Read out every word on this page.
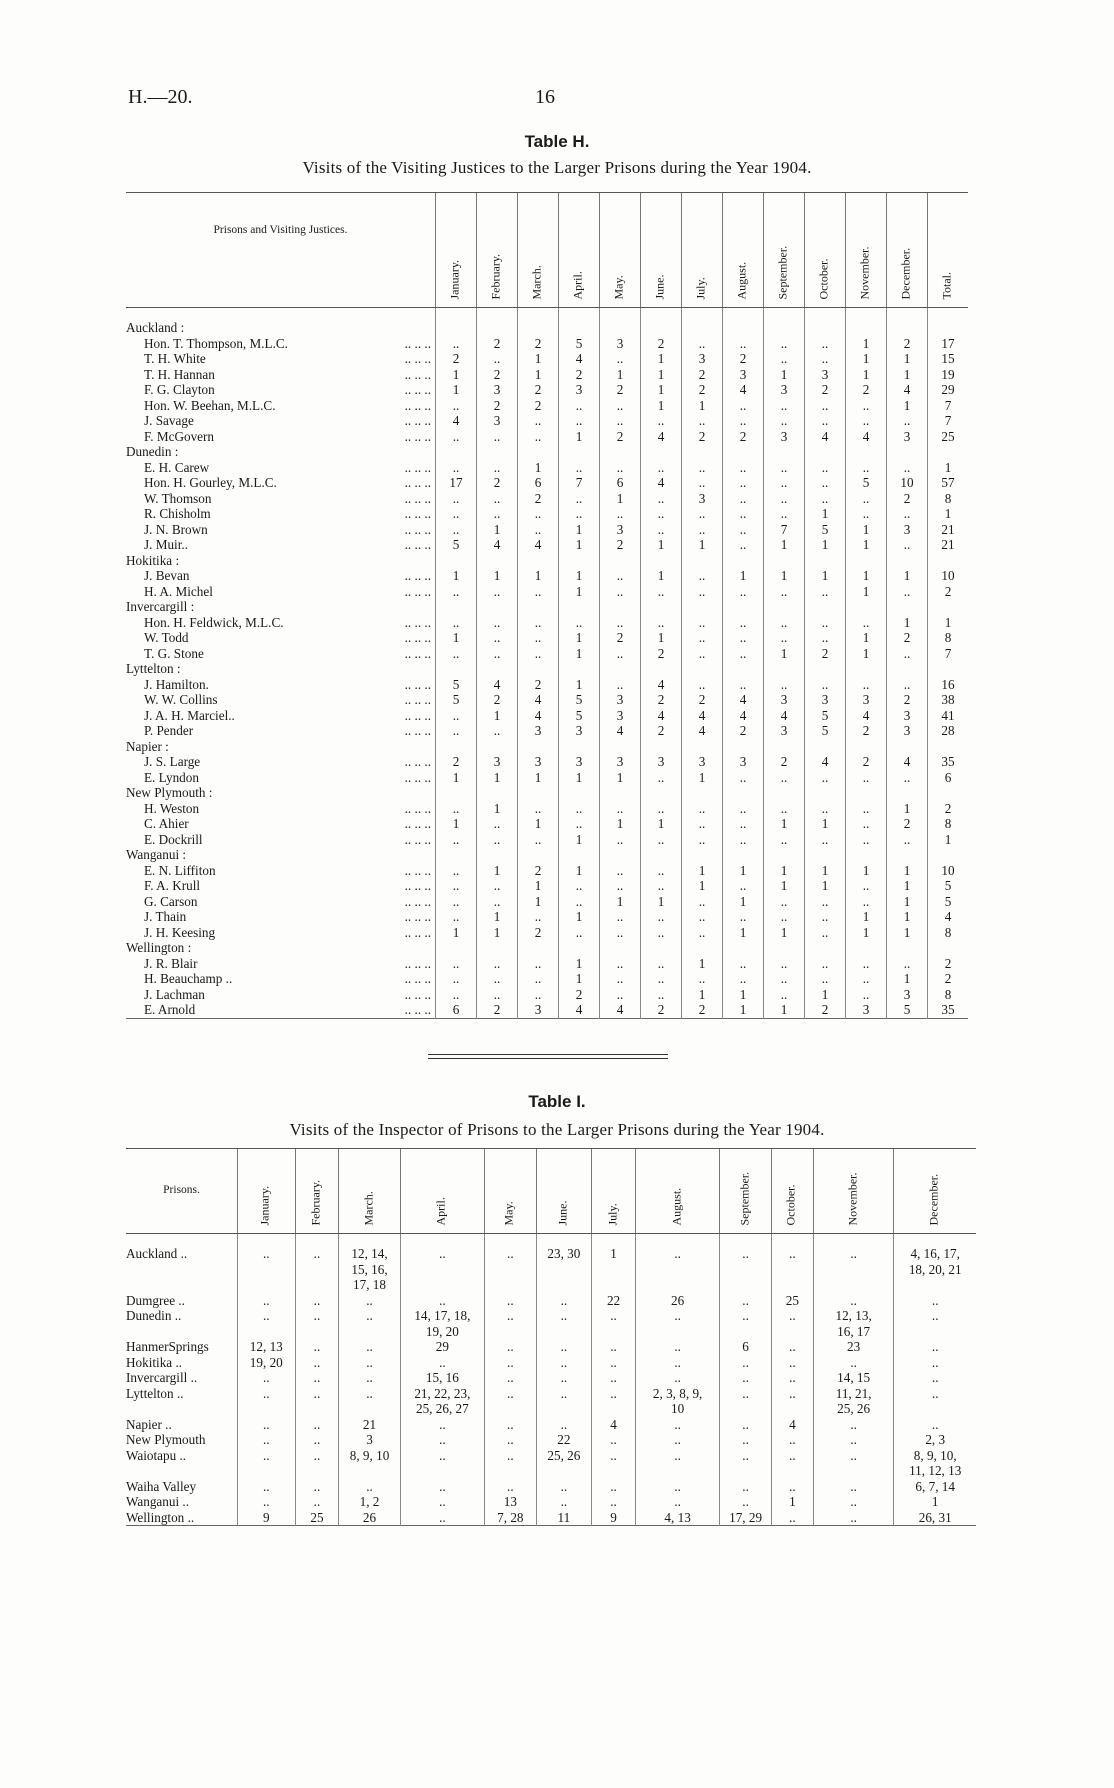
H.—20.	16
Table H.
Visits of the Visiting Justices to the Larger Prisons during the Year 1904.
Prisons and Visiting Justices.		January.	February.	March.	April.	May.	June.	July.	August.	September.	October.	November.	December.	Total.

Auckland :														
Hon. T. Thompson, M.L.C.	.. .. ..	..	2	2	5	3	2	..	..	..	..	1	2	17
T. H. White	.. .. ..	2	..	1	4	..	1	3	2	..	..	1	1	15
T. H. Hannan	.. .. ..	1	2	1	2	1	1	2	3	1	3	1	1	19
F. G. Clayton	.. .. ..	1	3	2	3	2	1	2	4	3	2	2	4	29
Hon. W. Beehan, M.L.C.	.. .. ..	..	2	2	..	..	1	1	..	..	..	..	1	7
J. Savage	.. .. ..	4	3	..	..	..	..	..	..	..	..	..	..	7
F. McGovern	.. .. ..	..	..	..	1	2	4	2	2	3	4	4	3	25
Dunedin :														
E. H. Carew	.. .. ..	..	..	1	..	..	..	..	..	..	..	..	..	1
Hon. H. Gourley, M.L.C.	.. .. ..	17	2	6	7	6	4	..	..	..	..	5	10	57
W. Thomson	.. .. ..	..	..	2	..	1	..	3	..	..	..	..	2	8
R. Chisholm	.. .. ..	..	..	..	..	..	..	..	..	..	1	..	..	1
J. N. Brown	.. .. ..	..	1	..	1	3	..	..	..	7	5	1	3	21
J. Muir..	.. .. ..	5	4	4	1	2	1	1	..	1	1	1	..	21
Hokitika :														
J. Bevan	.. .. ..	1	1	1	1	..	1	..	1	1	1	1	1	10
H. A. Michel	.. .. ..	..	..	..	1	..	..	..	..	..	..	1	..	2
Invercargill :														
Hon. H. Feldwick, M.L.C.	.. .. ..	..	..	..	..	..	..	..	..	..	..	..	1	1
W. Todd	.. .. ..	1	..	..	1	2	1	..	..	..	..	1	2	8
T. G. Stone	.. .. ..	..	..	..	1	..	2	..	..	1	2	1	..	7
Lyttelton :														
J. Hamilton.	.. .. ..	5	4	2	1	..	4	..	..	..	..	..	..	16
W. W. Collins	.. .. ..	5	2	4	5	3	2	2	4	3	3	3	2	38
J. A. H. Marciel..	.. .. ..	..	1	4	5	3	4	4	4	4	5	4	3	41
P. Pender	.. .. ..	..	..	3	3	4	2	4	2	3	5	2	3	28
Napier :														
J. S. Large	.. .. ..	2	3	3	3	3	3	3	3	2	4	2	4	35
E. Lyndon	.. .. ..	1	1	1	1	1	..	1	..	..	..	..	..	6
New Plymouth :														
H. Weston	.. .. ..	..	1	..	..	..	..	..	..	..	..	..	1	2
C. Ahier	.. .. ..	1	..	1	..	1	1	..	..	1	1	..	2	8
E. Dockrill	.. .. ..	..	..	..	1	..	..	..	..	..	..	..	..	1
Wanganui :														
E. N. Liffiton	.. .. ..	..	1	2	1	..	..	1	1	1	1	1	1	10
F. A. Krull	.. .. ..	..	..	1	..	..	..	1	..	1	1	..	1	5
G. Carson	.. .. ..	..	..	1	..	1	1	..	1	..	..	..	1	5
J. Thain	.. .. ..	..	1	..	1	..	..	..	..	..	..	1	1	4
J. H. Keesing	.. .. ..	1	1	2	..	..	..	..	1	1	..	1	1	8
Wellington :														
J. R. Blair	.. .. ..	..	..	..	1	..	..	1	..	..	..	..	..	2
H. Beauchamp ..	.. .. ..	..	..	..	1	..	..	..	..	..	..	..	1	2
J. Lachman	.. .. ..	..	..	..	2	..	..	1	1	..	1	..	3	8
E. Arnold	.. .. ..	6	2	3	4	4	2	2	1	1	2	3	5	35

Table I.
Visits of the Inspector of Prisons to the Larger Prisons during the Year 1904.
Prisons.	January.	February.	March.	April.	May.	June.	July.	August.	September.	October.	November.	December.

Auckland ..	..	..	12, 14,
15, 16,
17, 18	..	..	23, 30	1	..	..	..	..	4, 16, 17,
18, 20, 21
Dumgree ..	..	..	..	..	..	..	22	26	..	25	..	..
Dunedin ..	..	..	..	14, 17, 18,
19, 20	..	..	..	..	..	..	12, 13,
16, 17	..
HanmerSprings	12, 13	..	..	29	..	..	..	..	6	..	23	..
Hokitika ..	19, 20	..	..	..	..	..	..	..	..	..	..	..
Invercargill ..	..	..	..	15, 16	..	..	..	..	..	..	14, 15	..
Lyttelton ..	..	..	..	21, 22, 23,
25, 26, 27	..	..	..	2, 3, 8, 9,
10	..	..	11, 21,
25, 26	..
Napier ..	..	..	21	..	..	..	4	..	..	4	..	..
New Plymouth	..	..	3	..	..	22	..	..	..	..	..	2, 3
Waiotapu ..	..	..	8, 9, 10	..	..	25, 26	..	..	..	..	..	8, 9, 10,
11, 12, 13
Waiha Valley	..	..	..	..	..	..	..	..	..	..	..	6, 7, 14
Wanganui ..	..	..	1, 2	..	13	..	..	..	..	1	..	1
Wellington ..	9	25	26	..	7, 28	11	9	4, 13	17, 29	..	..	26, 31
